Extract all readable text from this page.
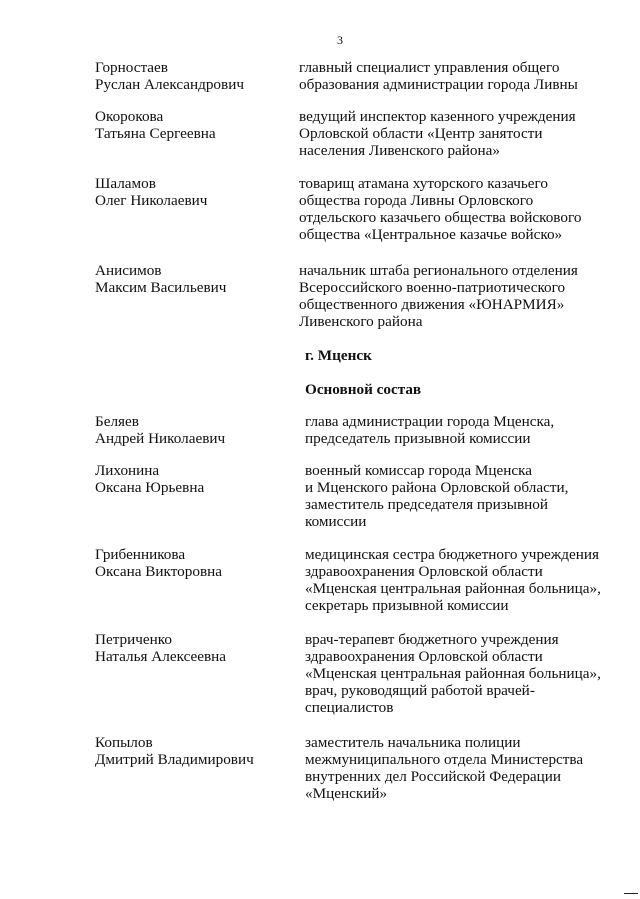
3
Горностаев
Руслан Александрович
главный специалист управления общего
образования администрации города Ливны
Окорокова
Татьяна Сергеевна
ведущий инспектор казенного учреждения
Орловской области «Центр занятости
населения Ливенского района»
Шаламов
Олег Николаевич
товарищ атамана хуторского казачьего
общества города Ливны Орловского
отдельского казачьего общества войскового
общества «Центральное казачье войско»
Анисимов
Максим Васильевич
начальник штаба регионального отделения
Всероссийского военно-патриотического
общественного движения «ЮНАРМИЯ»
Ливенского района
г. Мценск
Основной состав
Беляев
Андрей Николаевич
глава администрации города Мценска,
председатель призывной комиссии
Лихонина
Оксана Юрьевна
военный комиссар города Мценска
и Мценского района Орловской области,
заместитель председателя призывной
комиссии
Грибенникова
Оксана Викторовна
медицинская сестра бюджетного учреждения
здравоохранения Орловской области
«Мценская центральная районная больница»,
секретарь призывной комиссии
Петриченко
Наталья Алексеевна
врач-терапевт бюджетного учреждения
здравоохранения Орловской области
«Мценская центральная районная больница»,
врач, руководящий работой врачей-
специалистов
Копылов
Дмитрий Владимирович
заместитель начальника полиции
межмуниципального отдела Министерства
внутренних дел Российской Федерации
«Мценский»
